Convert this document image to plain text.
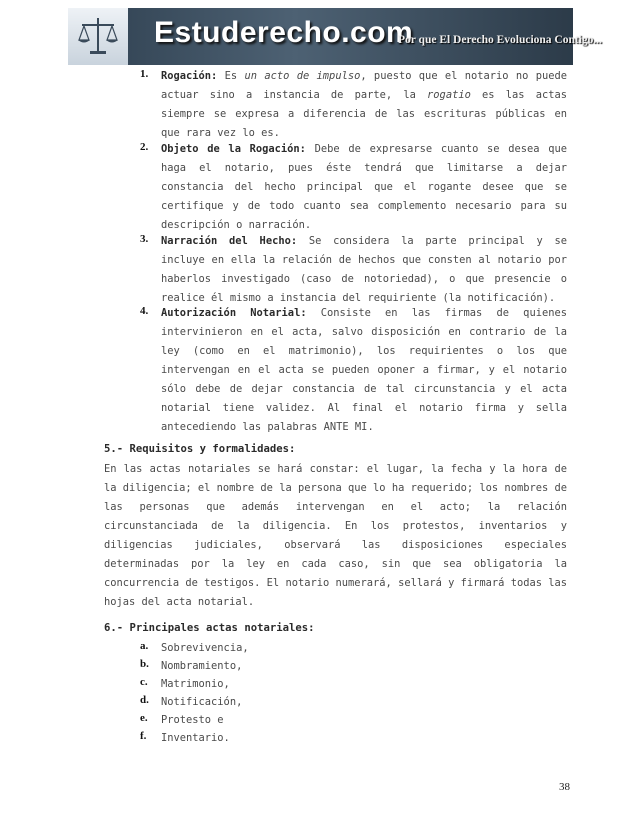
Estuderecho.com
Por que El Derecho Evoluciona Contigo...
1. Rogación: Es un acto de impulso, puesto que el notario no puede
actuar sino a instancia de parte, la rogatio es las actas
siempre se expresa a diferencia de las escrituras públicas en
que rara vez lo es.
2. Objeto de la Rogación: Debe de expresarse cuanto se desea que
haga el notario, pues éste tendrá que limitarse a dejar
constancia del hecho principal que el rogante desee que se
certifique y de todo cuanto sea complemento necesario para su
descripción o narración.
3. Narración del Hecho: Se considera la parte principal y se
incluye en ella la relación de hechos que consten al notario por
haberlos investigado (caso de notoriedad), o que presencie o
realice él mismo a instancia del requiriente (la notificación).
4. Autorización Notarial: Consiste en las firmas de quienes
intervinieron en el acta, salvo disposición en contrario de la
ley (como en el matrimonio), los requirientes o los que
intervengan en el acta se pueden oponer a firmar, y el notario
sólo debe de dejar constancia de tal circunstancia y el acta
notarial tiene validez. Al final el notario firma y sella
antecediendo las palabras ANTE MI.
5.- Requisitos y formalidades:
En las actas notariales se hará constar: el lugar, la fecha y la hora de
la diligencia; el nombre de la persona que lo ha requerido; los nombres de
las personas que además intervengan en el acto; la relación
circunstanciada de la diligencia. En los protestos, inventarios y
diligencias judiciales, observará las disposiciones especiales
determinadas por la ley en cada caso, sin que sea obligatoria la
concurrencia de testigos. El notario numerará, sellará y firmará todas las
hojas del acta notarial.
6.- Principales actas notariales:
a. Sobrevivencia,
b. Nombramiento,
c. Matrimonio,
d. Notificación,
e. Protesto e
f. Inventario.
38
